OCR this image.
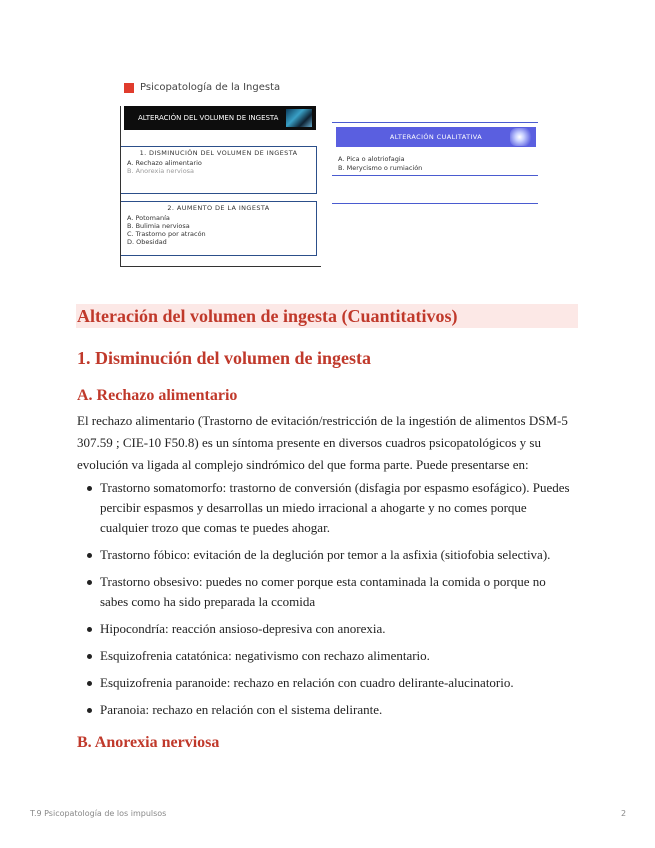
Psicopatología de la Ingesta
ALTERACIÓN DEL VOLUMEN DE INGESTA
1. DISMINUCIÓN DEL VOLUMEN DE INGESTA
A. Rechazo alimentario
B. Anorexia nerviosa
2. AUMENTO DE LA INGESTA
A. Potomanía
B. Bulimia nerviosa
C. Trastorno por atracón
D. Obesidad
ALTERACIÓN CUALITATIVA
A. Pica o alotriofagia
B. Merycismo o rumiación
Alteración del volumen de ingesta (Cuantitativos)
1. Disminución del volumen de ingesta
A. Rechazo alimentario

El rechazo alimentario (Trastorno de evitación/restricción de la ingestión de alimentos DSM-5 307.59 ; CIE-10 F50.8) es un síntoma presente en diversos cuadros psicopatológicos y su evolución va ligada al complejo sindrómico del que forma parte. Puede presentarse en:

Trastorno somatomorfo: trastorno de conversión (disfagia por espasmo esofágico). Puedes percibir espasmos y desarrollas un miedo irracional a ahogarte y no comes porque cualquier trozo que comas te puedes ahogar.
Trastorno fóbico: evitación de la deglución por temor a la asfixia (sitiofobia selectiva).
Trastorno obsesivo: puedes no comer porque esta contaminada la comida o porque no sabes como ha sido preparada la ccomida
Hipocondría: reacción ansioso-depresiva con anorexia.
Esquizofrenia catatónica: negativismo con rechazo alimentario.
Esquizofrenia paranoide: rechazo en relación con cuadro delirante-alucinatorio.
Paranoia: rechazo en relación con el sistema delirante.
B. Anorexia nerviosa
T.9 Psicopatología de los impulsos	2
